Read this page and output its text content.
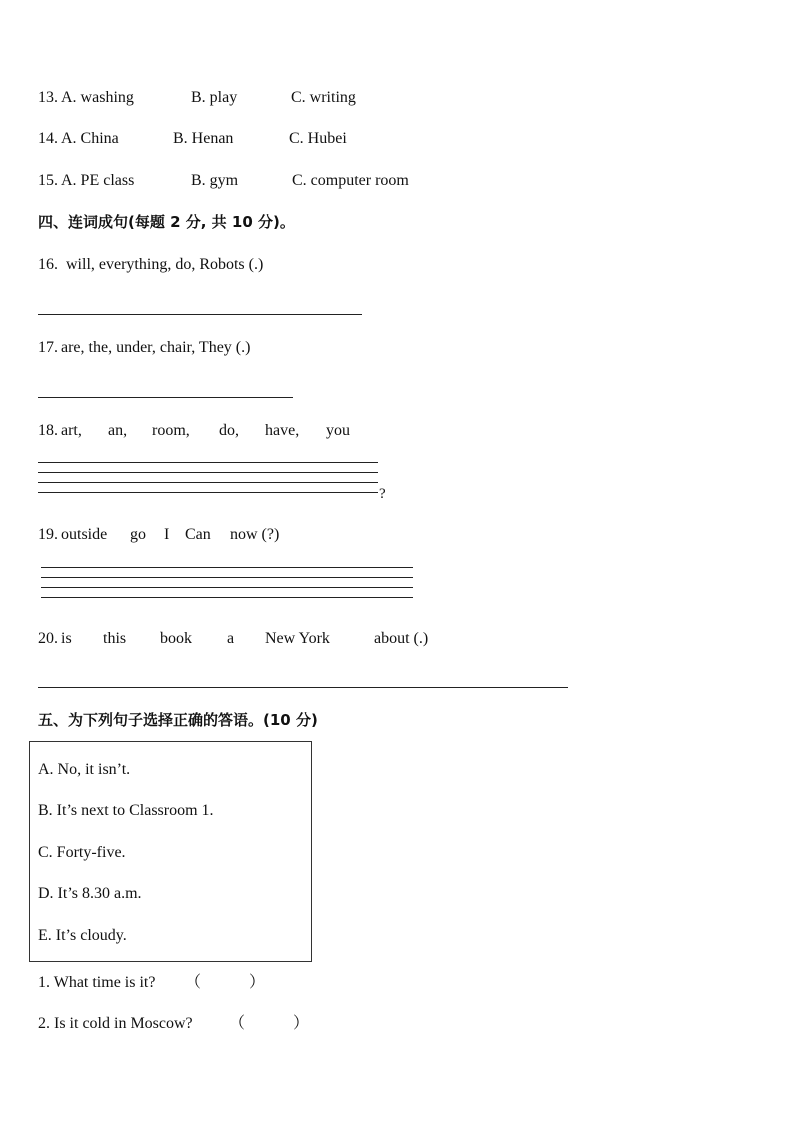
13. A. washing	B. play	C. writing
14. A. China	B. Henan	C. Hubei
15. A. PE class	B. gym	C. computer room
四、连词成句(每题 2 分, 共 10 分)。
16. will, everything, do, Robots (.)
17. are, the, under, chair, They (.)
18. art, an, room, do, have, you
?
19. outside go I Can now (?)
20. is this book a New York	about (.)
五、为下列句子选择正确的答语。(10 分)
A. No, it isn’t.
B. It’s next to Classroom 1.
C. Forty-five.
D. It’s 8.30 a.m.
E. It’s cloudy.
1. What time is it? （　　　）
2. Is it cold in Moscow? （　　　）
